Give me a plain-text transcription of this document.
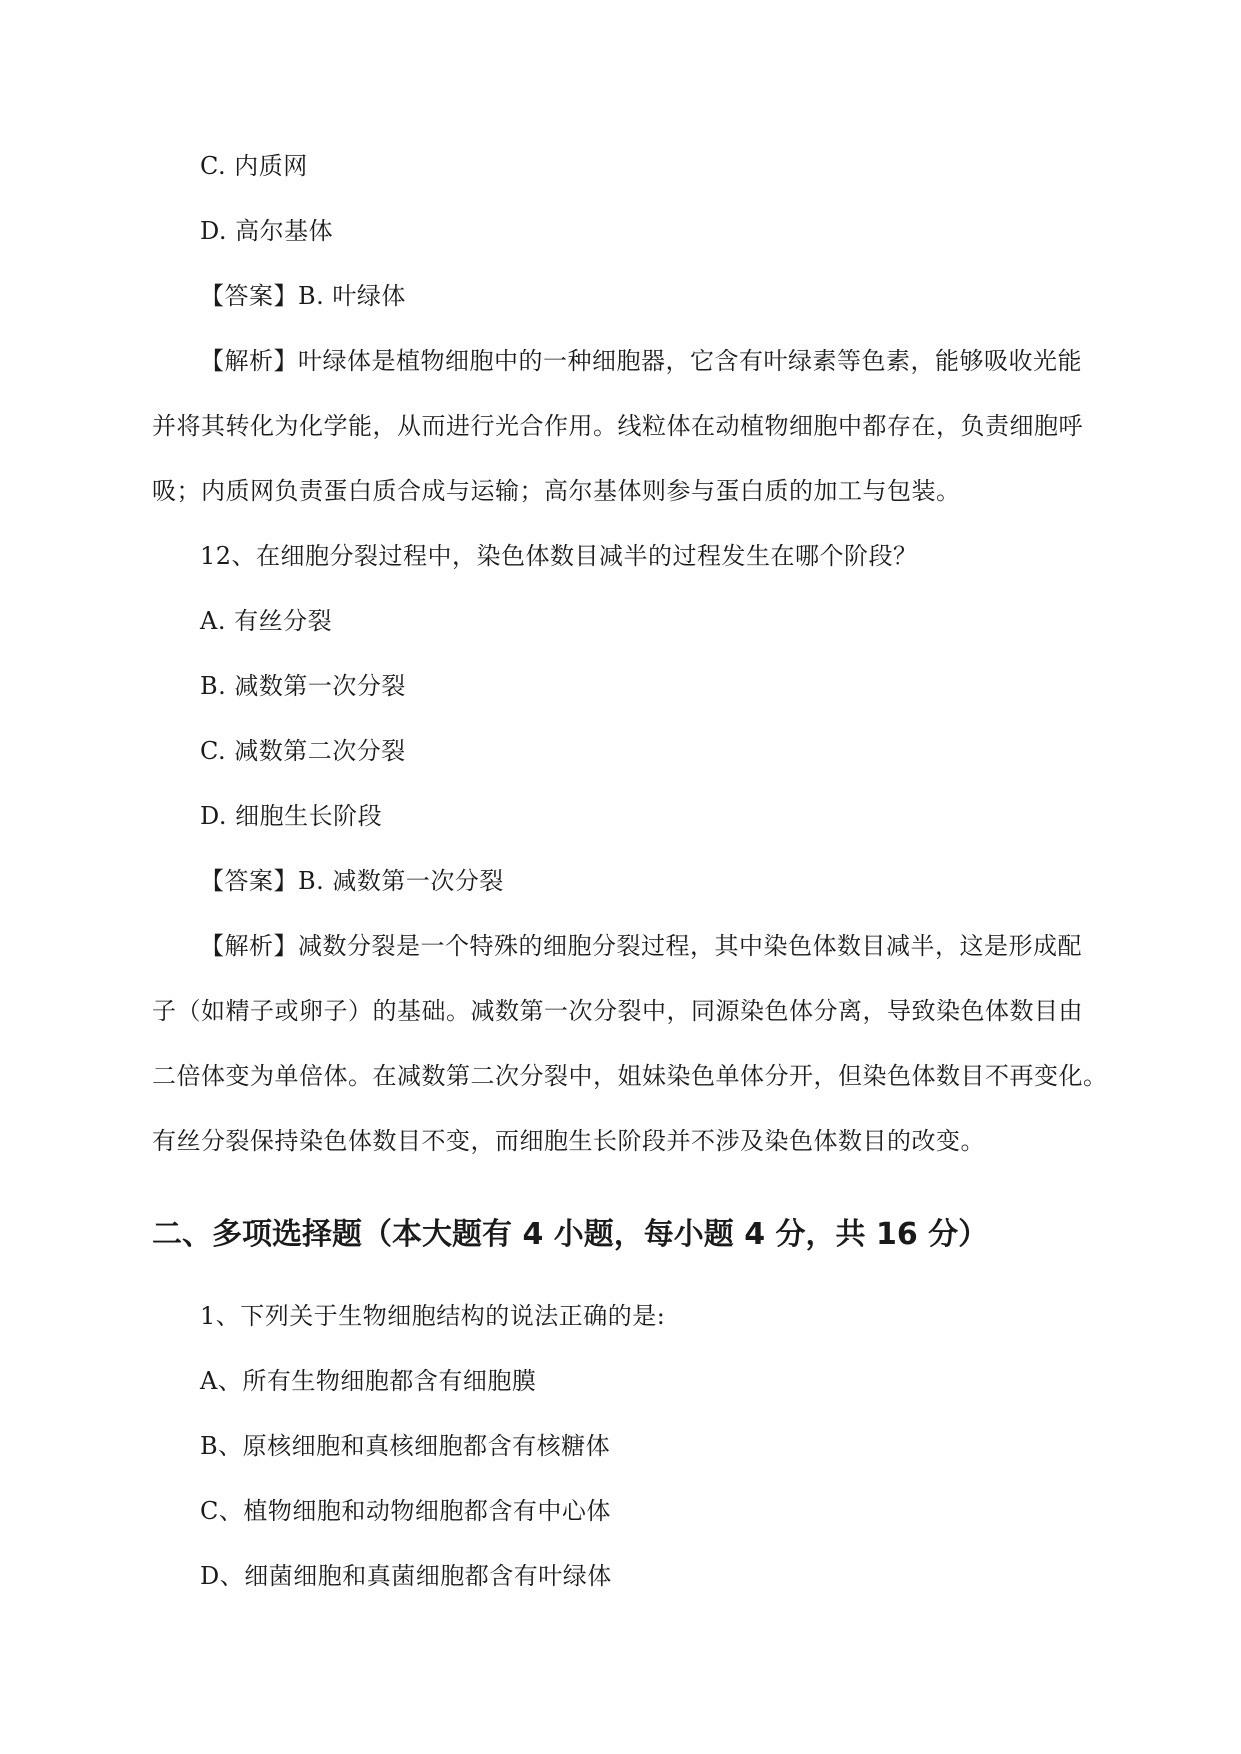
C. 内质网
D. 高尔基体
【答案】B. 叶绿体
【解析】叶绿体是植物细胞中的一种细胞器，它含有叶绿素等色素，能够吸收光能
并将其转化为化学能，从而进行光合作用。线粒体在动植物细胞中都存在，负责细胞呼
吸；内质网负责蛋白质合成与运输；高尔基体则参与蛋白质的加工与包装。
12、在细胞分裂过程中，染色体数目减半的过程发生在哪个阶段？
A. 有丝分裂
B. 减数第一次分裂
C. 减数第二次分裂
D. 细胞生长阶段
【答案】B. 减数第一次分裂
【解析】减数分裂是一个特殊的细胞分裂过程，其中染色体数目减半，这是形成配
子（如精子或卵子）的基础。减数第一次分裂中，同源染色体分离，导致染色体数目由
二倍体变为单倍体。在减数第二次分裂中，姐妹染色单体分开，但染色体数目不再变化。
有丝分裂保持染色体数目不变，而细胞生长阶段并不涉及染色体数目的改变。
二、多项选择题（本大题有 4 小题，每小题 4 分，共 16 分）
1、下列关于生物细胞结构的说法正确的是:
A、所有生物细胞都含有细胞膜
B、原核细胞和真核细胞都含有核糖体
C、植物细胞和动物细胞都含有中心体
D、细菌细胞和真菌细胞都含有叶绿体
